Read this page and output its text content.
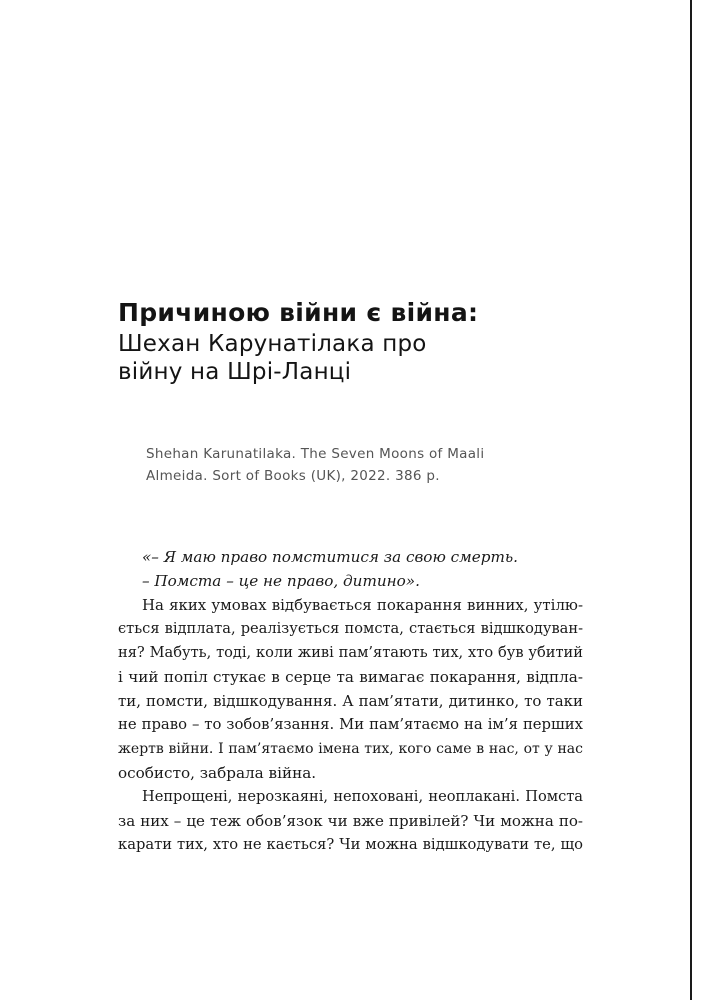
Причиною війни є війна:
Шехан Карунатілака про
війну на Шрі-Ланці
Shehan Karunatilaka. The Seven Moons of Maali
Almeida. Sort of Books (UK), 2022. 386 p.
«– Я маю право помститися за свою смерть.
– Помста – це не право, дитино».
На яких умовах відбувається покарання винних, утілю-
ється відплата, реалізується помста, стається відшкодуван-
ня? Мабуть, тоді, коли живі пам’ятають тих, хто був убитий
і чий попіл стукає в серце та вимагає покарання, відпла-
ти, помсти, відшкодування. А пам’ятати, дитинко, то таки
не право – то зобов’язання. Ми пам’ятаємо на ім’я перших
жертв війни. І пам’ятаємо імена тих, кого саме в нас, от у нас
особисто, забрала війна.
Непрощені, нерозкаяні, непоховані, неоплакані. Помста
за них – це теж обов’язок чи вже привілей? Чи можна по-
карати тих, хто не кається? Чи можна відшкодувати те, що
